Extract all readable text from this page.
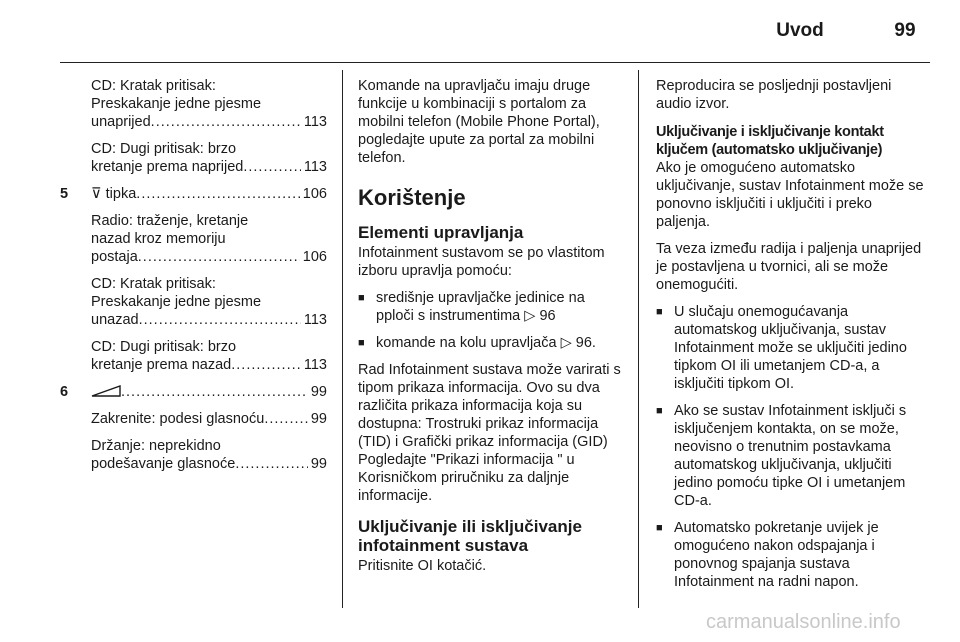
Uvod	99
CD: Kratak pritisak:
Preskakanje jedne pjesme
unaprijed .....	113
CD: Dugi pritisak: brzo
kretanje prema naprijed .....	113
5 ⊽ tipka .....	106
Radio: traženje, kretanje
nazad kroz memoriju
postaja .....	106
CD: Kratak pritisak:
Preskakanje jedne pjesme
unazad .....	113
CD: Dugi pritisak: brzo
kretanje prema nazad .....	113
6 .....	99
Zakrenite: podesi glasnoću .....	99
Držanje: neprekidno
podešavanje glasnoće .....	99

Komande na upravljaču imaju druge funkcije u kombinaciji s portalom za mobilni telefon (Mobile Phone Portal), pogledajte upute za portal za mobilni telefon.

Korištenje
Elementi upravljanja

Infotainment sustavom se po vlastitom izboru upravlja pomoću:

■ središnje upravljačke jedinice na pploči s instrumentima ▷ 96
■ komande na kolu upravljača ▷ 96.

Rad Infotainment sustava može varirati s tipom prikaza informacija. Ovo su dva različita prikaza informacija koja su dostupna: Trostruki prikaz informacija (TID) i Grafički prikaz informacija (GID) Pogledajte "Prikazi informacija " u Korisničkom priručniku za daljnje informacije.

Uključivanje ili isključivanje
infotainment sustava

Pritisnite OI kotačić.

Reproducira se posljednji postavljeni audio izvor.

Uključivanje i isključivanje kontakt
ključem (automatsko uključivanje)

Ako je omogućeno automatsko uključivanje, sustav Infotainment može se ponovno isključiti i uključiti i preko paljenja.

Ta veza između radija i paljenja unaprijed je postavljena u tvornici, ali se može onemogućiti.

■ U slučaju onemogućavanja automatskog uključivanja, sustav Infotainment može se uključiti jedino tipkom OI ili umetanjem CD-a, a isključiti tipkom OI.
■ Ako se sustav Infotainment isključi s isključenjem kontakta, on se može, neovisno o trenutnim postavkama automatskog uključivanja, uključiti jedino pomoću tipke OI i umetanjem CD-a.
■ Automatsko pokretanje uvijek je omogućeno nakon odspajanja i ponovnog spajanja sustava Infotainment na radni napon.
carmanualsonline.info
